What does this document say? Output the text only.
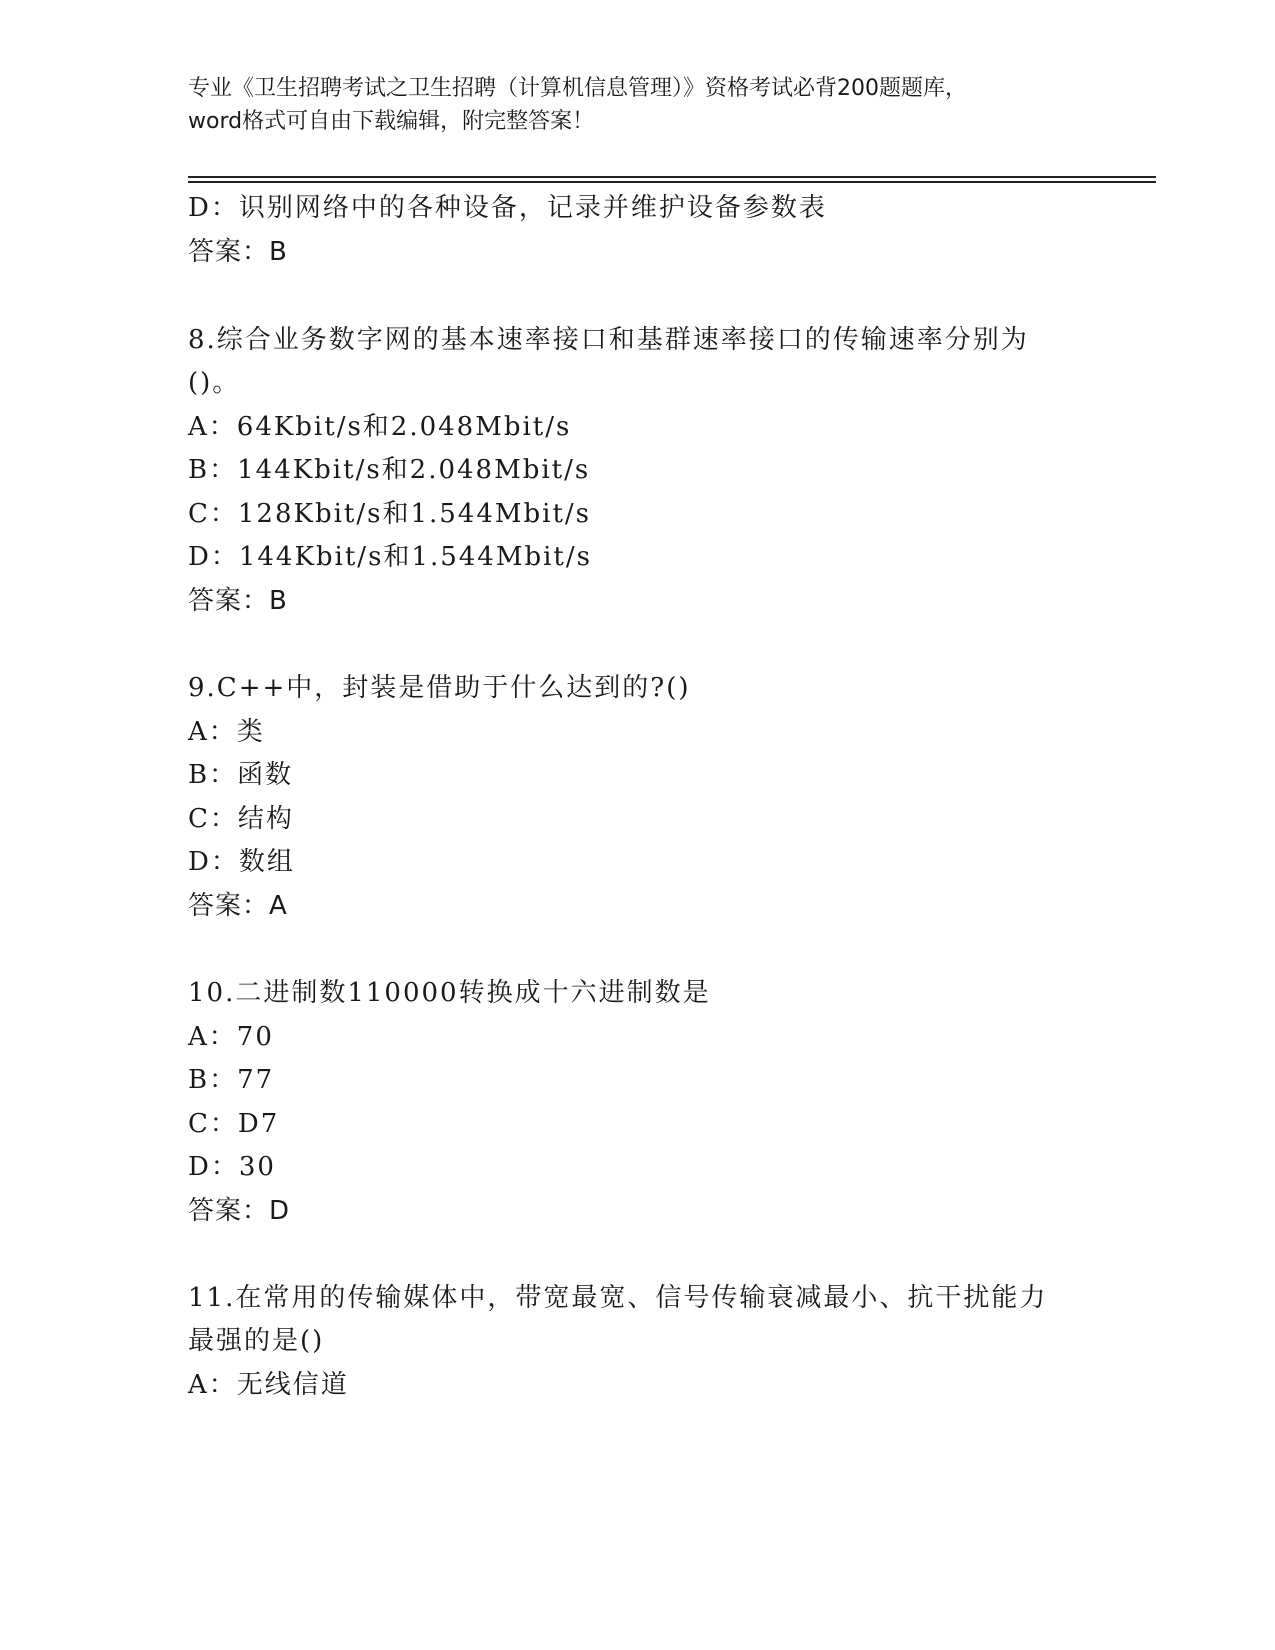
专业《卫生招聘考试之卫生招聘（计算机信息管理）》资格考试必背200题题库，
word格式可自由下载编辑，附完整答案！
D：识别网络中的各种设备，记录并维护设备参数表
答案：B
8.综合业务数字网的基本速率接口和基群速率接口的传输速率分别为
()。
A：64Kbit/s和2.048Mbit/s
B：144Kbit/s和2.048Mbit/s
C：128Kbit/s和1.544Mbit/s
D：144Kbit/s和1.544Mbit/s
答案：B
9.C++中，封装是借助于什么达到的?()
A：类
B：函数
C：结构
D：数组
答案：A
10.二进制数110000转换成十六进制数是
A：70
B：77
C：D7
D：30
答案：D
11.在常用的传输媒体中，带宽最宽、信号传输衰减最小、抗干扰能力
最强的是()
A：无线信道
